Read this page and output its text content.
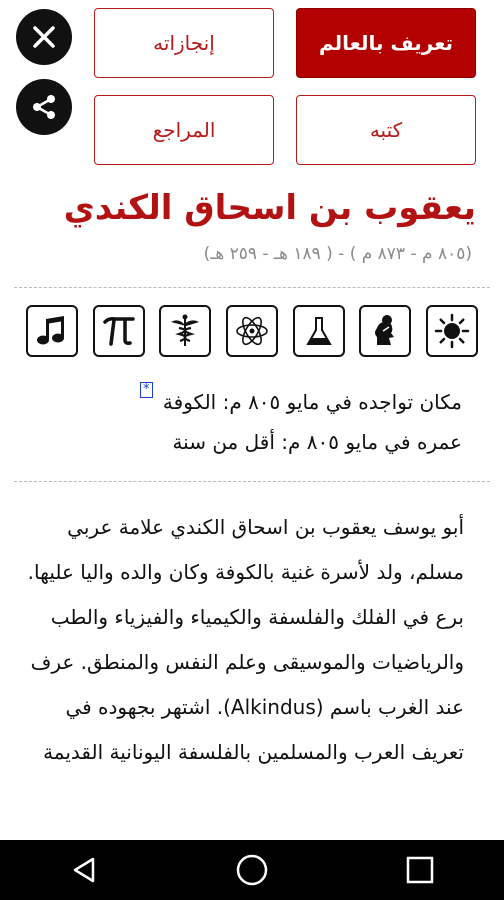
تعريف بالعالم
إنجازاته
كتبه
المراجع
يعقوب بن اسحاق الكندي
(٨٠٥ م - ٨٧٣ م ) - ( ١٨٩ هـ - ٢٥٩ هـ)
مكان تواجده في مايو ٨٠٥ م: الكوفة *
عمره في مايو ٨٠٥ م: أقل من سنة
أبو يوسف يعقوب بن اسحاق الكندي علامة عربي مسلم، ولد لأسرة غنية بالكوفة وكان والده واليا عليها. برع في الفلك والفلسفة والكيمياء والفيزياء والطب والرياضيات والموسيقى وعلم النفس والمنطق. عرف عند الغرب باسم (Alkindus). اشتهر بجهوده في تعريف العرب والمسلمين بالفلسفة اليونانية القديمة
